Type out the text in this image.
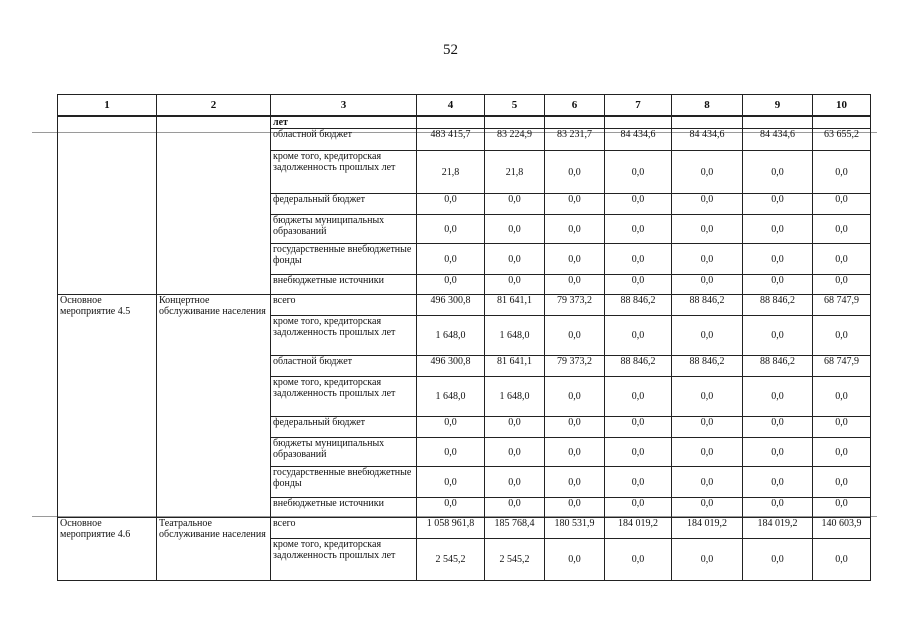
52
1	2	3	4	5	6	7	8	9	10
		лет							
		областной бюджет	483 415,7	83 224,9	83 231,7	84 434,6	84 434,6	84 434,6	63 655,2
		кроме того, кредиторская задолженность прошлых лет	21,8	21,8	0,0	0,0	0,0	0,0	0,0
		федеральный бюджет	0,0	0,0	0,0	0,0	0,0	0,0	0,0
		бюджеты муниципальных образований	0,0	0,0	0,0	0,0	0,0	0,0	0,0
		государственные внебюджетные фонды	0,0	0,0	0,0	0,0	0,0	0,0	0,0
		внебюджетные источники	0,0	0,0	0,0	0,0	0,0	0,0	0,0
Основное мероприятие 4.5	Концертное обслуживание населения	всего	496 300,8	81 641,1	79 373,2	88 846,2	88 846,2	88 846,2	68 747,9
		кроме того, кредиторская задолженность прошлых лет	1 648,0	1 648,0	0,0	0,0	0,0	0,0	0,0
		областной бюджет	496 300,8	81 641,1	79 373,2	88 846,2	88 846,2	88 846,2	68 747,9
		кроме того, кредиторская задолженность прошлых лет	1 648,0	1 648,0	0,0	0,0	0,0	0,0	0,0
		федеральный бюджет	0,0	0,0	0,0	0,0	0,0	0,0	0,0
		бюджеты муниципальных образований	0,0	0,0	0,0	0,0	0,0	0,0	0,0
		государственные внебюджетные фонды	0,0	0,0	0,0	0,0	0,0	0,0	0,0
		внебюджетные источники	0,0	0,0	0,0	0,0	0,0	0,0	0,0
Основное мероприятие 4.6	Театральное обслуживание населения	всего	1 058 961,8	185 768,4	180 531,9	184 019,2	184 019,2	184 019,2	140 603,9
		кроме того, кредиторская задолженность прошлых лет	2 545,2	2 545,2	0,0	0,0	0,0	0,0	0,0
